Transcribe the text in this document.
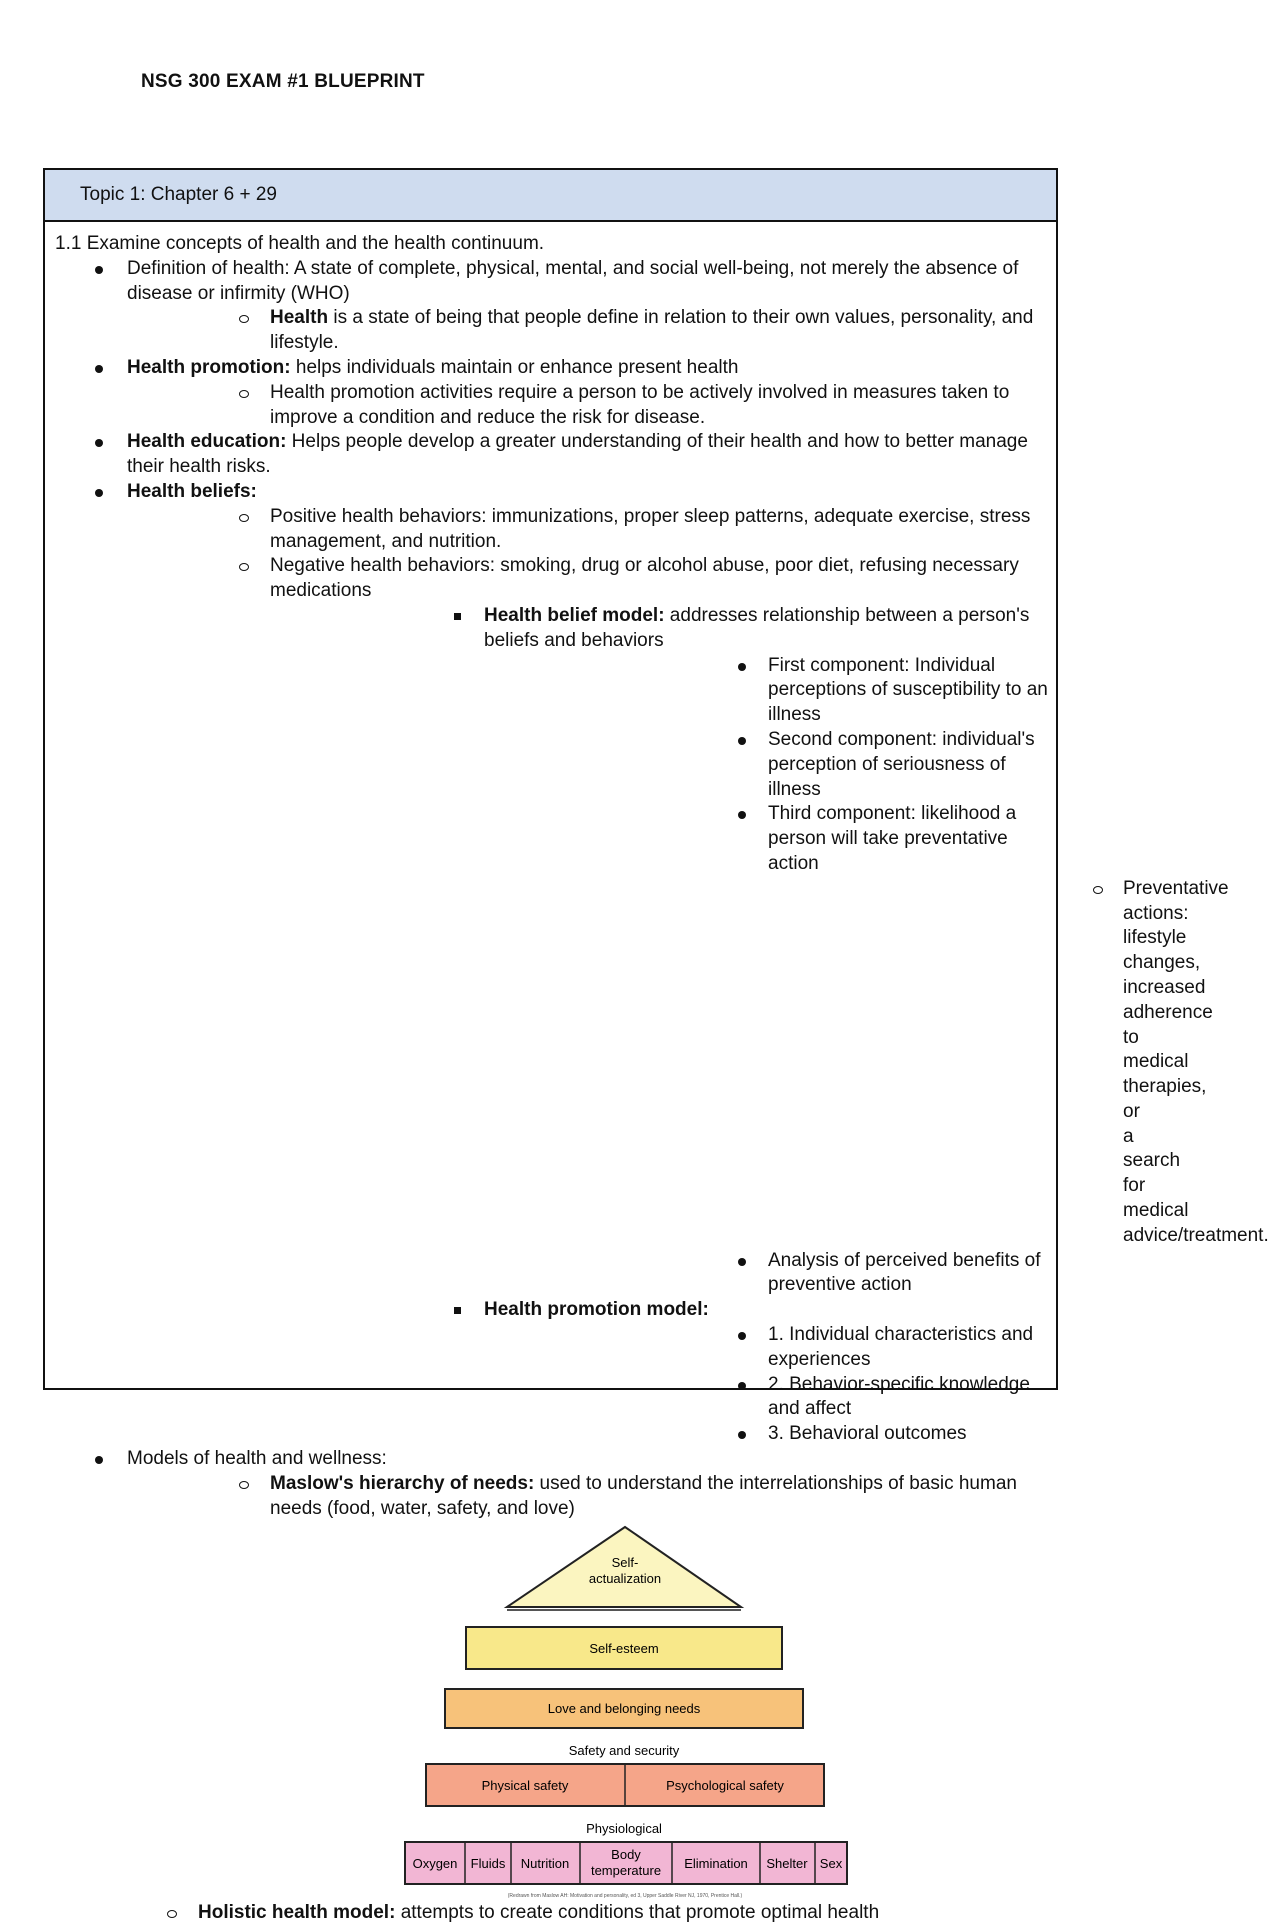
NSG 300 EXAM #1 BLUEPRINT
Topic 1: Chapter 6 + 29

1.1 Examine concepts of health and the health continuum.

Definition of health: A state of complete, physical, mental, and social well-being, not merely the absence of disease or infirmity (WHO)
Health is a state of being that people define in relation to their own values, personality, and lifestyle.
Health promotion: helps individuals maintain or enhance present health
Health promotion activities require a person to be actively involved in measures taken to improve a condition and reduce the risk for disease.
Health education: Helps people develop a greater understanding of their health and how to better manage their health risks.
Health beliefs:
Positive health behaviors: immunizations, proper sleep patterns, adequate exercise, stress management, and nutrition.
Negative health behaviors: smoking, drug or alcohol abuse, poor diet, refusing necessary medications
Health belief model: addresses relationship between a person's beliefs and behaviors
First component: Individual perceptions of susceptibility to an illness
Second component: individual's perception of seriousness of illness
Third component: likelihood a person will take preventative action
Preventative actions: lifestyle changes, increased adherence to medical therapies, or a search for medical advice/treatment.
Analysis of perceived benefits of preventive action
Health promotion model:
1. Individual characteristics and experiences
2. Behavior-specific knowledge and affect
3. Behavioral outcomes
Models of health and wellness:
Maslow's hierarchy of needs: used to understand the interrelationships of basic human needs (food, water, safety, and love)
Self-
actualization
Self-esteem
Love and belonging needs
Safety and security
Physical safety	Psychological safety
Physiological
Oxygen Fluids Nutrition
Body
temperature Elimination Shelter Sex
(Redrawn from Maslow AH: Motivation and personality, ed 3, Upper Saddle River NJ, 1970, Prentice Hall.)
Holistic health model: attempts to create conditions that promote optimal health
